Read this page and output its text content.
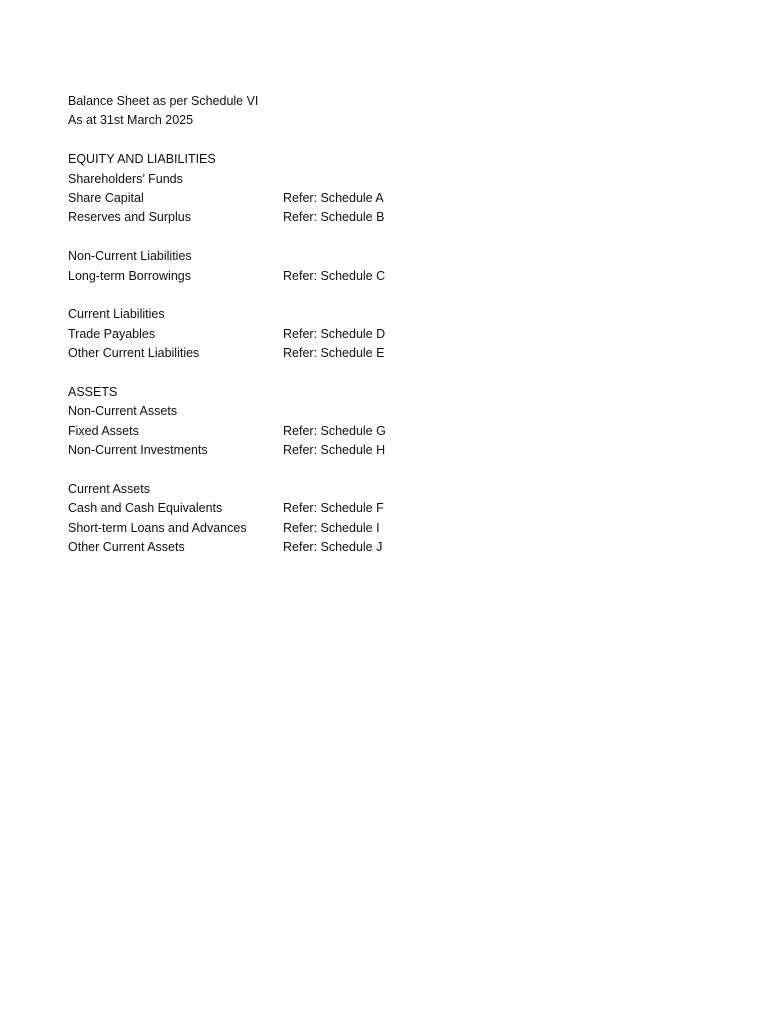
Balance Sheet as per Schedule VI
As at 31st March 2025
EQUITY AND LIABILITIES
Shareholders’ Funds
Share Capital	Refer: Schedule A
Reserves and Surplus	Refer: Schedule B
Non-Current Liabilities
Long-term Borrowings	Refer: Schedule C
Current Liabilities
Trade Payables	Refer: Schedule D
Other Current Liabilities	Refer: Schedule E
ASSETS
Non-Current Assets
Fixed Assets	Refer: Schedule G
Non-Current Investments	Refer: Schedule H
Current Assets
Cash and Cash Equivalents	Refer: Schedule F
Short-term Loans and Advances	Refer: Schedule I
Other Current Assets	Refer: Schedule J
